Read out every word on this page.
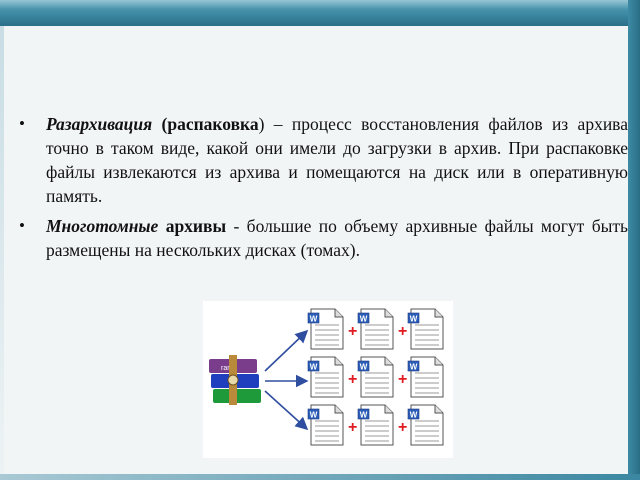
• Разархивация (распаковка) – процесс восстановления файлов из архива точно в таком виде, какой они имели до загрузки в архив. При распаковке файлы извлекаются из архива и помещаются на диск или в оперативную память.
• Многотомные архивы - большие по объему архивные файлы могут быть размещены на нескольких дисках (томах).
rar
W
+
W
+
W
W
+
W
+
W
W
+
W
+
W
